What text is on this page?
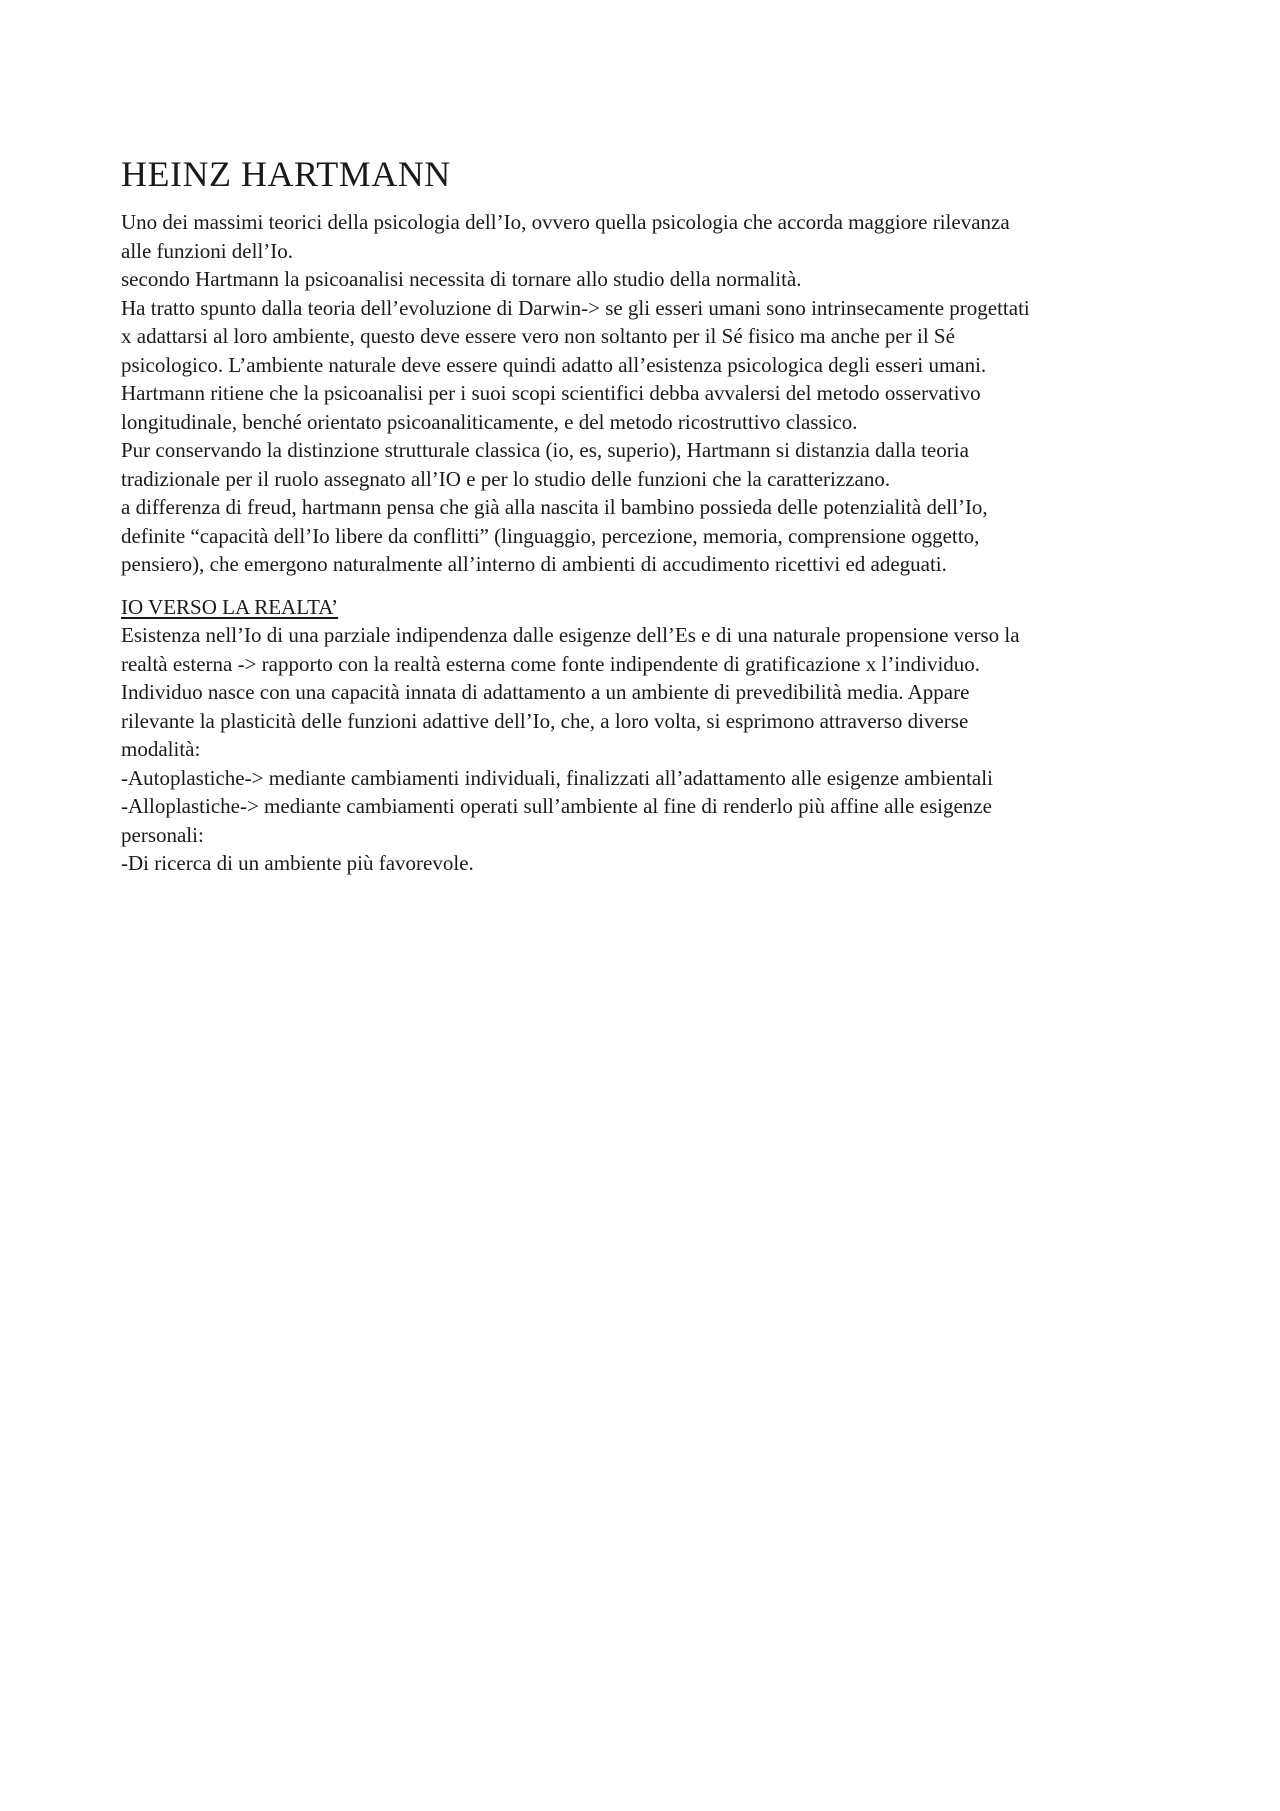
HEINZ HARTMANN

Uno dei massimi teorici della psicologia dell’Io, ovvero quella psicologia che accorda maggiore rilevanza

alle funzioni dell’Io.

secondo Hartmann la psicoanalisi necessita di tornare allo studio della normalità.

Ha tratto spunto dalla teoria dell’evoluzione di Darwin-> se gli esseri umani sono intrinsecamente progettati

x adattarsi al loro ambiente, questo deve essere vero non soltanto per il Sé fisico ma anche per il Sé

psicologico. L’ambiente naturale deve essere quindi adatto all’esistenza psicologica degli esseri umani.

Hartmann ritiene che la psicoanalisi per i suoi scopi scientifici debba avvalersi del metodo osservativo

longitudinale, benché orientato psicoanaliticamente, e del metodo ricostruttivo classico.

Pur conservando la distinzione strutturale classica (io, es, superio), Hartmann si distanzia dalla teoria

tradizionale per il ruolo assegnato all’IO e per lo studio delle funzioni che la caratterizzano.

a differenza di freud, hartmann pensa che già alla nascita il bambino possieda delle potenzialità dell’Io,

definite “capacità dell’Io libere da conflitti” (linguaggio, percezione, memoria, comprensione oggetto,

pensiero), che emergono naturalmente all’interno di ambienti di accudimento ricettivi ed adeguati.

IO VERSO LA REALTA’

Esistenza nell’Io di una parziale indipendenza dalle esigenze dell’Es e di una naturale propensione verso la

realtà esterna -> rapporto con la realtà esterna come fonte indipendente di gratificazione x l’individuo.

Individuo nasce con una capacità innata di adattamento a un ambiente di prevedibilità media. Appare

rilevante la plasticità delle funzioni adattive dell’Io, che, a loro volta, si esprimono attraverso diverse

modalità:

-Autoplastiche-> mediante cambiamenti individuali, finalizzati all’adattamento alle esigenze ambientali

-Alloplastiche-> mediante cambiamenti operati sull’ambiente al fine di renderlo più affine alle esigenze

personali:

-Di ricerca di un ambiente più favorevole.
